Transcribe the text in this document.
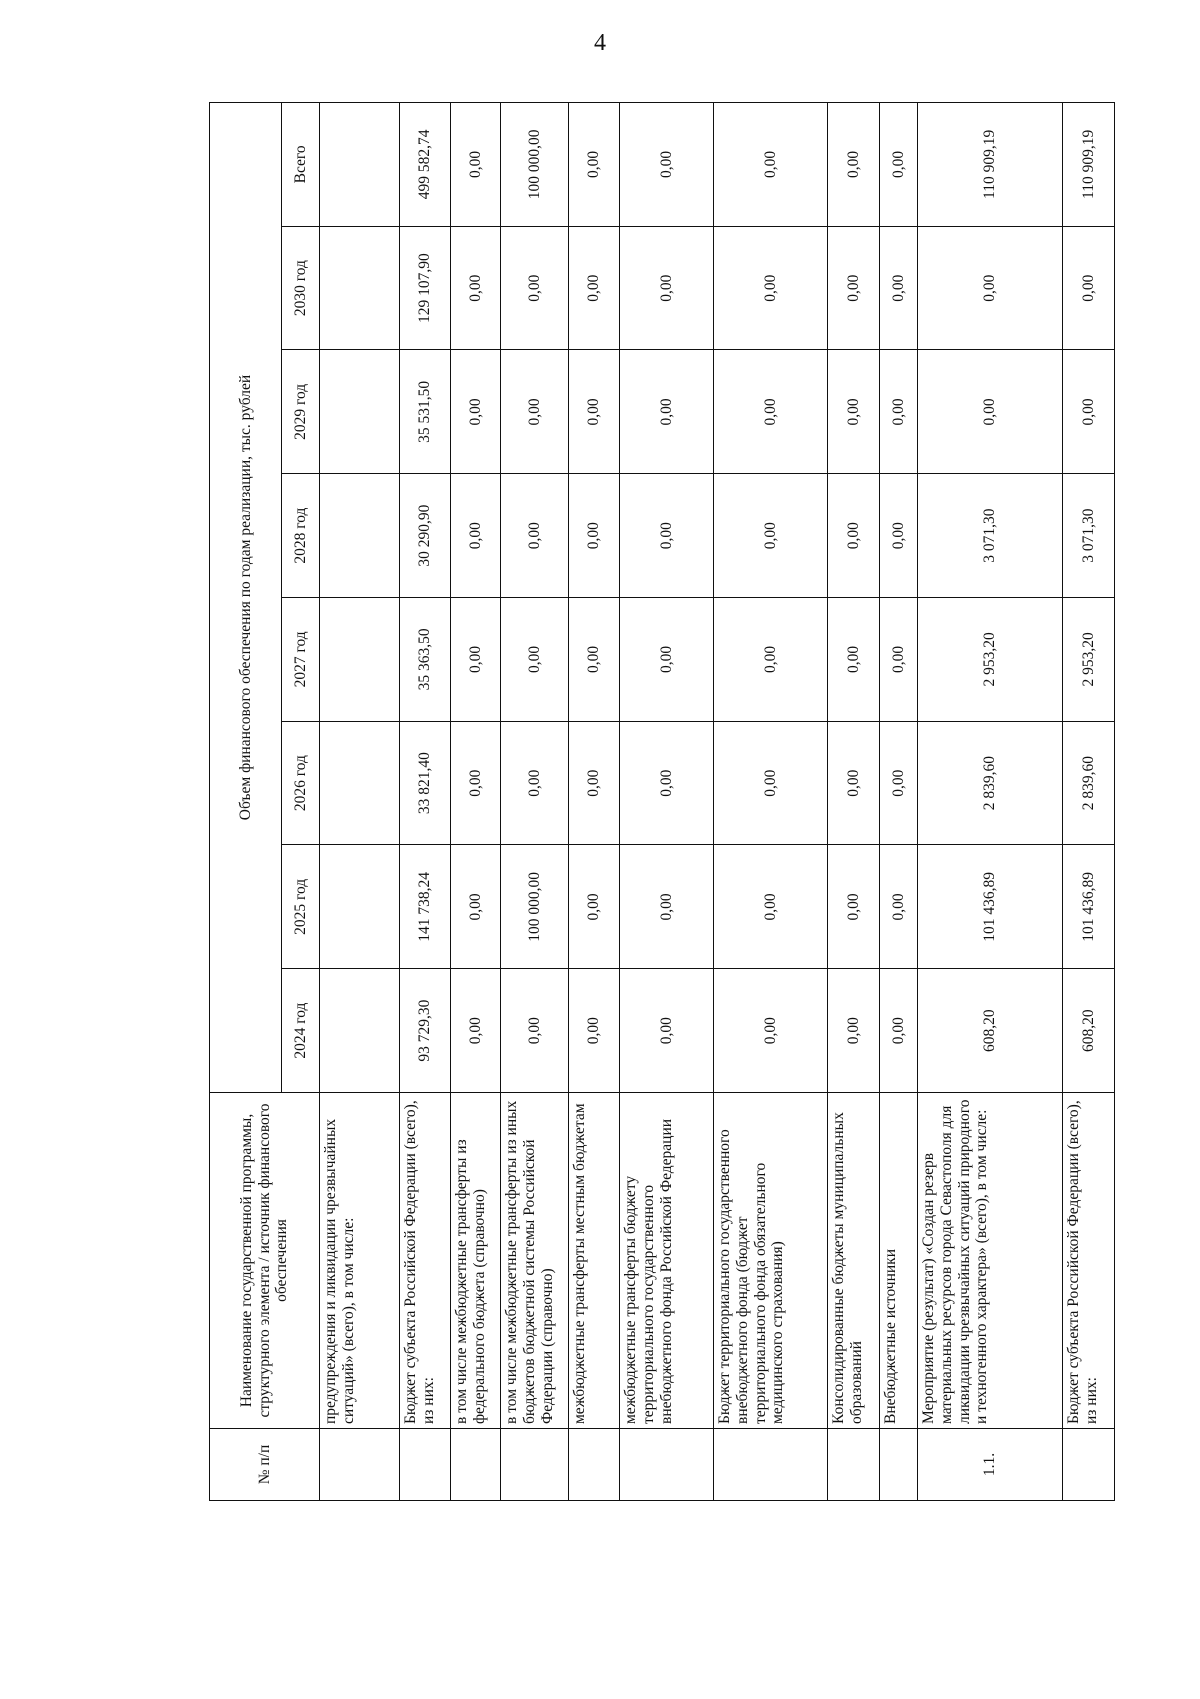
4
№ п/п	Наименование государственной программы, структурного элемента / источник финансового обеспечения	Объем финансового обеспечения по годам реализации, тыс. рублей							
		2024 год	2025 год	2026 год	2027 год	2028 год	2029 год	2030 год	Всего
	предупреждения и ликвидации чрезвычайных ситуаций» (всего), в том числе:								
	Бюджет субъекта Российской Федерации (всего), из них:	93 729,30	141 738,24	33 821,40	35 363,50	30 290,90	35 531,50	129 107,90	499 582,74
	в том числе межбюджетные трансферты из федерального бюджета (справочно)	0,00	0,00	0,00	0,00	0,00	0,00	0,00	0,00
	в том числе межбюджетные трансферты из иных бюджетов бюджетной системы Российской Федерации (справочно)	0,00	100 000,00	0,00	0,00	0,00	0,00	0,00	100 000,00
	межбюджетные трансферты местным бюджетам	0,00	0,00	0,00	0,00	0,00	0,00	0,00	0,00
	межбюджетные трансферты бюджету территориального государственного внебюджетного фонда Российской Федерации	0,00	0,00	0,00	0,00	0,00	0,00	0,00	0,00
	Бюджет территориального государственного внебюджетного фонда (бюджет территориального фонда обязательного медицинского страхования)	0,00	0,00	0,00	0,00	0,00	0,00	0,00	0,00
	Консолидированные бюджеты муниципальных образований	0,00	0,00	0,00	0,00	0,00	0,00	0,00	0,00
	Внебюджетные источники	0,00	0,00	0,00	0,00	0,00	0,00	0,00	0,00
1.1.	Мероприятие (результат) «Создан резерв материальных ресурсов города Севастополя для ликвидации чрезвычайных ситуаций природного и техногенного характера» (всего), в том числе:	608,20	101 436,89	2 839,60	2 953,20	3 071,30	0,00	0,00	110 909,19
	Бюджет субъекта Российской Федерации (всего), из них:	608,20	101 436,89	2 839,60	2 953,20	3 071,30	0,00	0,00	110 909,19
